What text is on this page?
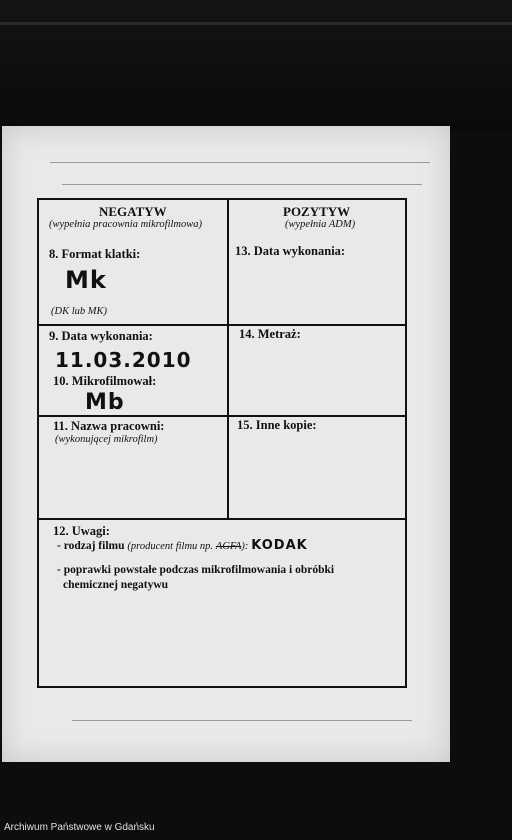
NEGATYW
(wypełnia pracownia mikrofilmowa)
POZYTYW
(wypełnia ADM)
8. Format klatki:
Mk
(DK lub MK)
13. Data wykonania:
9. Data wykonania:
11.03.2010
10. Mikrofilmował:
Mb
14. Metraż:
11. Nazwa pracowni:
(wykonującej mikrofilm)
15. Inne kopie:
12. Uwagi:
- rodzaj filmu (producent filmu np. AGFA): KODAK
- poprawki powstałe podczas mikrofilmowania i obróbki
chemicznej negatywu
Archiwum Państwowe w Gdańsku
